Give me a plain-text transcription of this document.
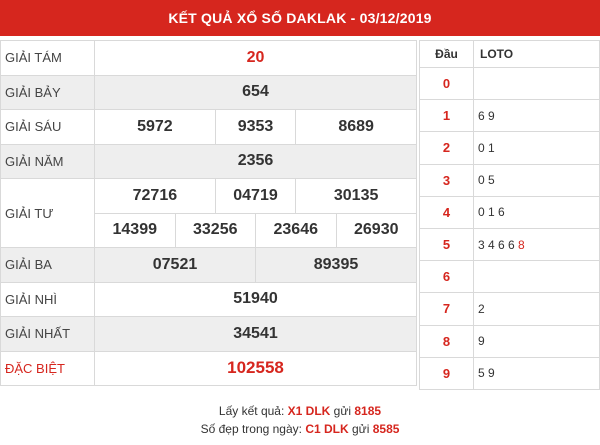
KẾT QUẢ XỔ SỐ DAKLAK - 03/12/2019
GIẢI TÁM	20					
GIẢI BẢY	654					
GIẢI SÁU	5972		9353		8689	
GIẢI NĂM	2356					
GIẢI TƯ	72716		04719		30135	
	14399	33256		23646		26930
GIẢI BA	07521			89395		
GIẢI NHÌ	51940					
GIẢI NHẤT	34541					
ĐẶC BIỆT	102558					
Đầu	LOTO
0	
1	6 9
2	0 1
3	0 5
4	0 1 6
5	3 4 6 6 8
6	
7	2
8	9
9	5 9
Lấy kết quả: X1 DLK gửi 8185
Số đẹp trong ngày: C1 DLK gửi 8585
